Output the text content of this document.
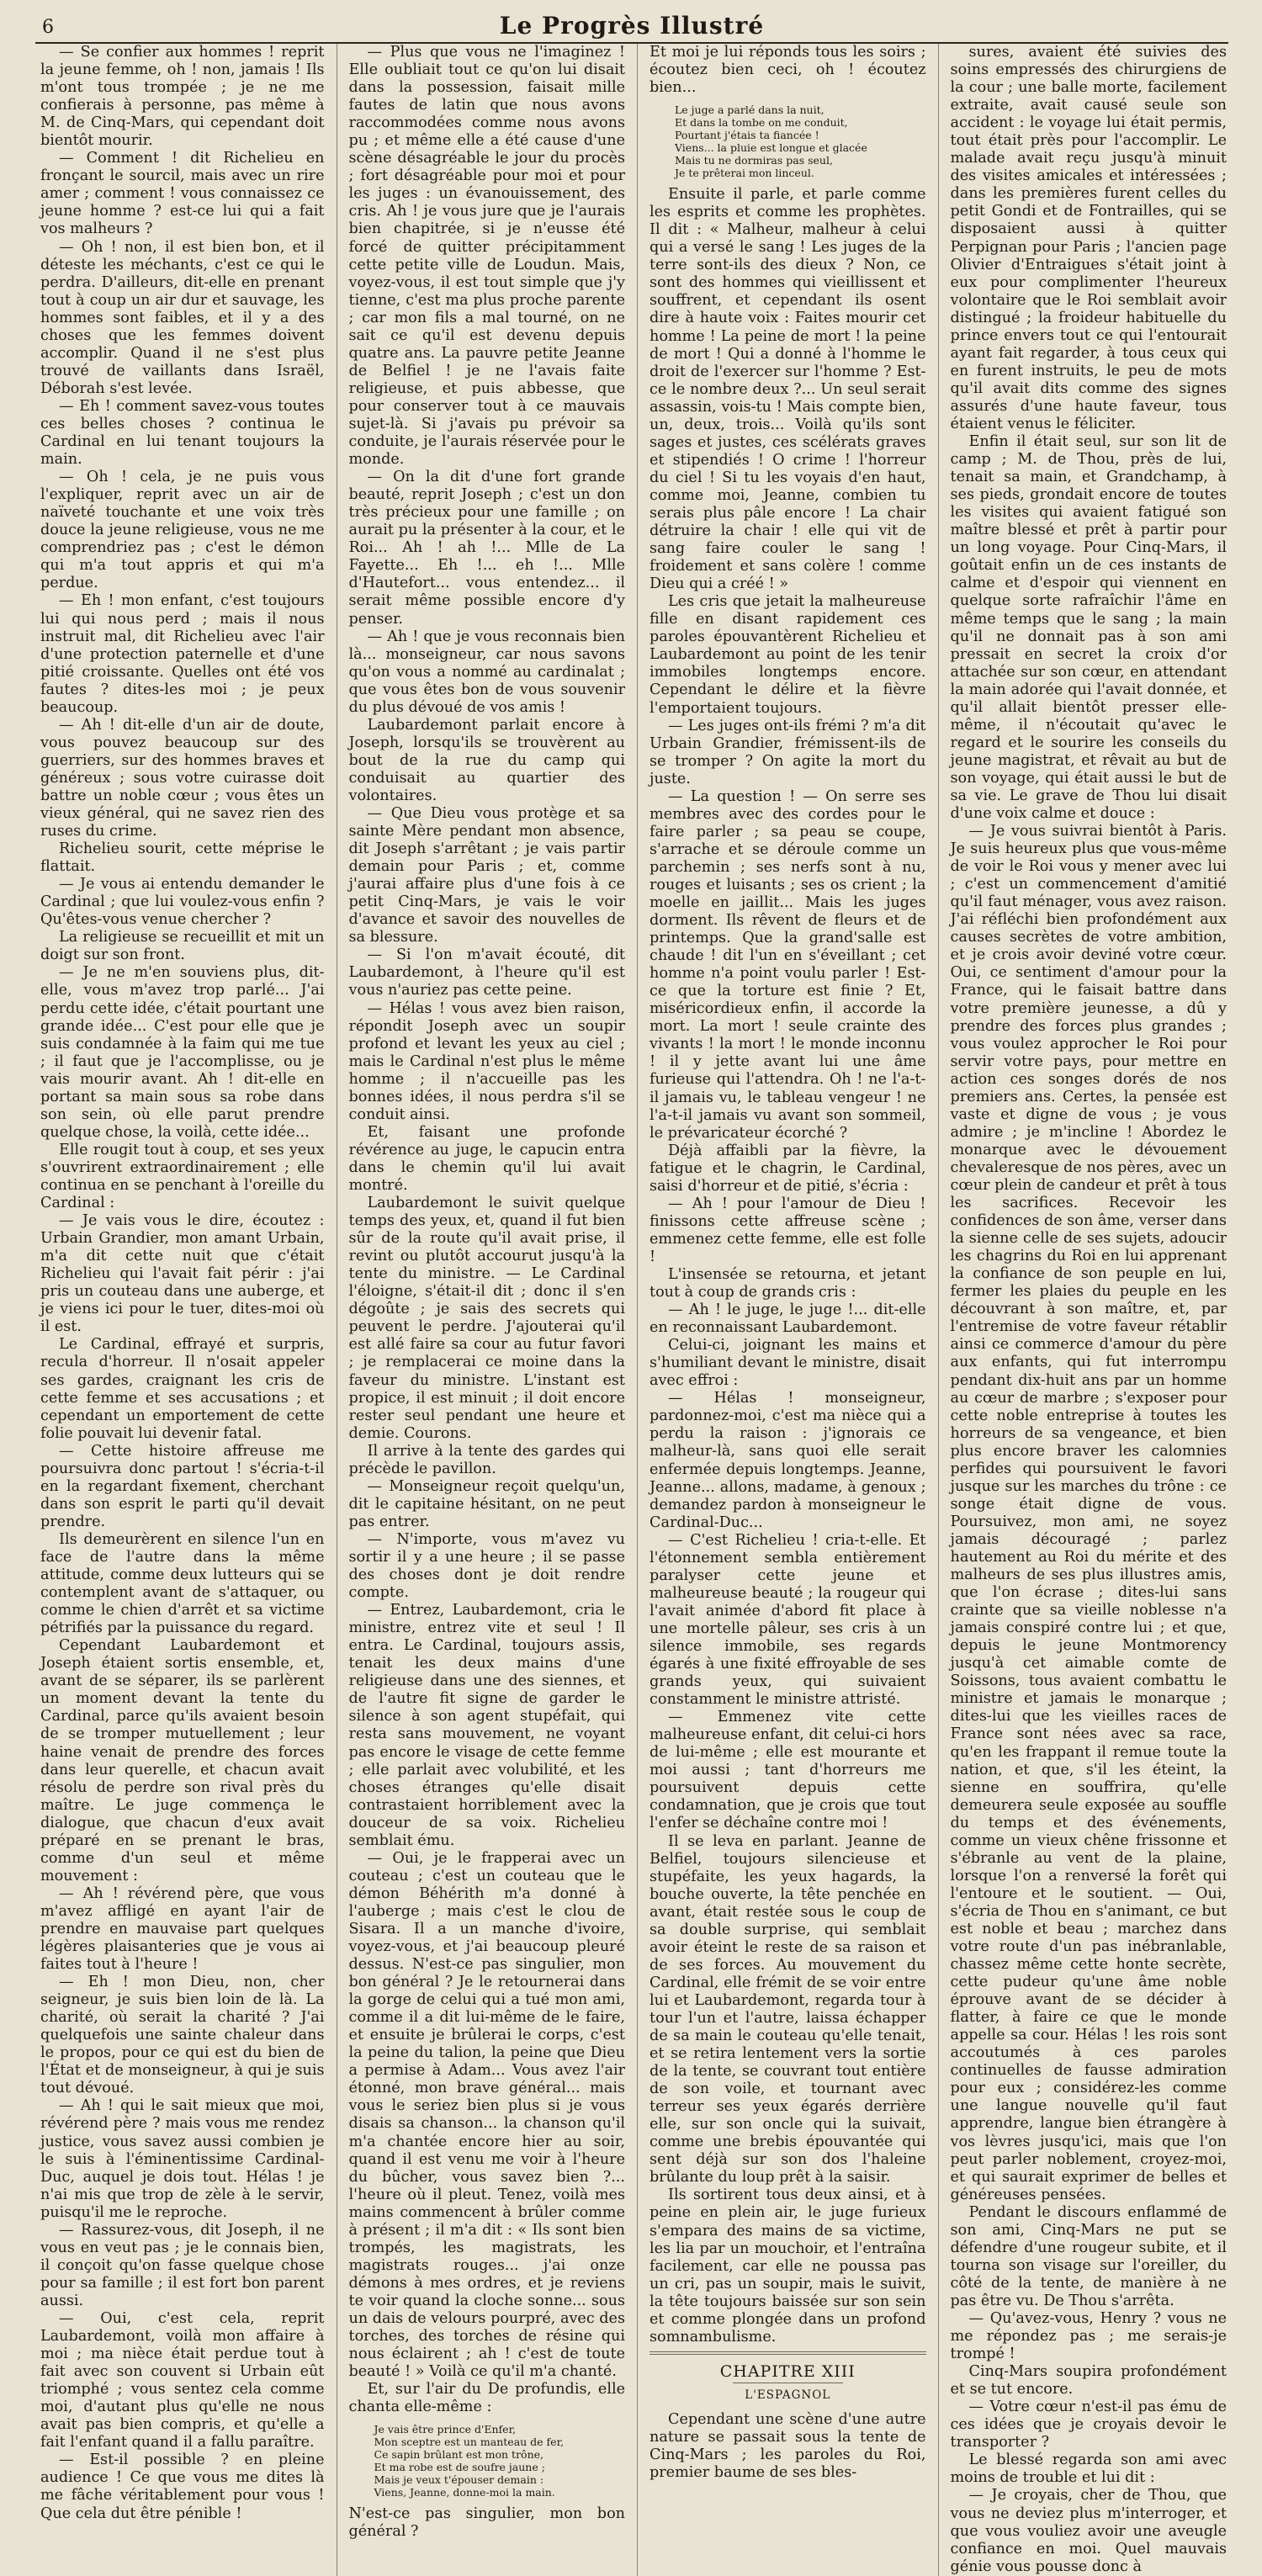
6	Le Progrès Illustré

— Se confier aux hommes ! reprit la jeune femme, oh ! non, jamais ! Ils m'ont tous trompée ; je ne me confierais à personne, pas même à M. de Cinq-Mars, qui cependant doit bientôt mourir.

— Comment ! dit Richelieu en fronçant le sourcil, mais avec un rire amer ; comment ! vous connaissez ce jeune homme ? est-ce lui qui a fait vos malheurs ?

— Oh ! non, il est bien bon, et il déteste les méchants, c'est ce qui le perdra. D'ailleurs, dit-elle en prenant tout à coup un air dur et sauvage, les hommes sont faibles, et il y a des choses que les femmes doivent accomplir. Quand il ne s'est plus trouvé de vaillants dans Israël, Déborah s'est levée.

— Eh ! comment savez-vous toutes ces belles choses ? continua le Cardinal en lui tenant toujours la main.

— Oh ! cela, je ne puis vous l'expliquer, reprit avec un air de naïveté touchante et une voix très douce la jeune religieuse, vous ne me comprendriez pas ; c'est le démon qui m'a tout appris et qui m'a perdue.

— Eh ! mon enfant, c'est toujours lui qui nous perd ; mais il nous instruit mal, dit Richelieu avec l'air d'une protection paternelle et d'une pitié croissante. Quelles ont été vos fautes ? dites-les moi ; je peux beaucoup.

— Ah ! dit-elle d'un air de doute, vous pouvez beaucoup sur des guerriers, sur des hommes braves et généreux ; sous votre cuirasse doit battre un noble cœur ; vous êtes un vieux général, qui ne savez rien des ruses du crime.

Richelieu sourit, cette méprise le flattait.

— Je vous ai entendu demander le Cardinal ; que lui voulez-vous enfin ? Qu'êtes-vous venue chercher ?

La religieuse se recueillit et mit un doigt sur son front.

— Je ne m'en souviens plus, dit-elle, vous m'avez trop parlé... J'ai perdu cette idée, c'était pourtant une grande idée... C'est pour elle que je suis condamnée à la faim qui me tue ; il faut que je l'accomplisse, ou je vais mourir avant. Ah ! dit-elle en portant sa main sous sa robe dans son sein, où elle parut prendre quelque chose, la voilà, cette idée...

Elle rougit tout à coup, et ses yeux s'ouvrirent extraordinairement ; elle continua en se penchant à l'oreille du Cardinal :

— Je vais vous le dire, écoutez : Urbain Grandier, mon amant Urbain, m'a dit cette nuit que c'était Richelieu qui l'avait fait périr : j'ai pris un couteau dans une auberge, et je viens ici pour le tuer, dites-moi où il est.

Le Cardinal, effrayé et surpris, recula d'horreur. Il n'osait appeler ses gardes, craignant les cris de cette femme et ses accusations ; et cependant un emportement de cette folie pouvait lui devenir fatal.

— Cette histoire affreuse me poursuivra donc partout ! s'écria-t-il en la regardant fixement, cherchant dans son esprit le parti qu'il devait prendre.

Ils demeurèrent en silence l'un en face de l'autre dans la même attitude, comme deux lutteurs qui se contemplent avant de s'attaquer, ou comme le chien d'arrêt et sa victime pétrifiés par la puissance du regard.

Cependant Laubardemont et Joseph étaient sortis ensemble, et, avant de se séparer, ils se parlèrent un moment devant la tente du Cardinal, parce qu'ils avaient besoin de se tromper mutuellement ; leur haine venait de prendre des forces dans leur querelle, et chacun avait résolu de perdre son rival près du maître. Le juge commença le dialogue, que chacun d'eux avait préparé en se prenant le bras, comme d'un seul et même mouvement :

— Ah ! révérend père, que vous m'avez affligé en ayant l'air de prendre en mauvaise part quelques légères plaisanteries que je vous ai faites tout à l'heure !

— Eh ! mon Dieu, non, cher seigneur, je suis bien loin de là. La charité, où serait la charité ? J'ai quelquefois une sainte chaleur dans le propos, pour ce qui est du bien de l'État et de monseigneur, à qui je suis tout dévoué.

— Ah ! qui le sait mieux que moi, révérend père ? mais vous me rendez justice, vous savez aussi combien je le suis à l'éminentissime Cardinal-Duc, auquel je dois tout. Hélas ! je n'ai mis que trop de zèle à le servir, puisqu'il me le reproche.

— Rassurez-vous, dit Joseph, il ne vous en veut pas ; je le connais bien, il conçoit qu'on fasse quelque chose pour sa famille ; il est fort bon parent aussi.

— Oui, c'est cela, reprit Laubardemont, voilà mon affaire à moi ; ma nièce était perdue tout à fait avec son couvent si Urbain eût triomphé ; vous sentez cela comme moi, d'autant plus qu'elle ne nous avait pas bien compris, et qu'elle a fait l'enfant quand il a fallu paraître.

— Est-il possible ? en pleine audience ! Ce que vous me dites là me fâche véritablement pour vous ! Que cela dut être pénible !

— Plus que vous ne l'imaginez ! Elle oubliait tout ce qu'on lui disait dans la possession, faisait mille fautes de latin que nous avons raccommodées comme nous avons pu ; et même elle a été cause d'une scène désagréable le jour du procès ; fort désagréable pour moi et pour les juges : un évanouissement, des cris. Ah ! je vous jure que je l'aurais bien chapitrée, si je n'eusse été forcé de quitter précipitamment cette petite ville de Loudun. Mais, voyez-vous, il est tout simple que j'y tienne, c'est ma plus proche parente ; car mon fils a mal tourné, on ne sait ce qu'il est devenu depuis quatre ans. La pauvre petite Jeanne de Belfiel ! je ne l'avais faite religieuse, et puis abbesse, que pour conserver tout à ce mauvais sujet-là. Si j'avais pu prévoir sa conduite, je l'aurais réservée pour le monde.

— On la dit d'une fort grande beauté, reprit Joseph ; c'est un don très précieux pour une famille ; on aurait pu la présenter à la cour, et le Roi... Ah ! ah !... Mlle de La Fayette... Eh !... eh !... Mlle d'Hautefort... vous entendez... il serait même possible encore d'y penser.

— Ah ! que je vous reconnais bien là... monseigneur, car nous savons qu'on vous a nommé au cardinalat ; que vous êtes bon de vous souvenir du plus dévoué de vos amis !

Laubardemont parlait encore à Joseph, lorsqu'ils se trouvèrent au bout de la rue du camp qui conduisait au quartier des volontaires.

— Que Dieu vous protège et sa sainte Mère pendant mon absence, dit Joseph s'arrêtant ; je vais partir demain pour Paris ; et, comme j'aurai affaire plus d'une fois à ce petit Cinq-Mars, je vais le voir d'avance et savoir des nouvelles de sa blessure.

— Si l'on m'avait écouté, dit Laubardemont, à l'heure qu'il est vous n'auriez pas cette peine.

— Hélas ! vous avez bien raison, répondit Joseph avec un soupir profond et levant les yeux au ciel ; mais le Cardinal n'est plus le même homme ; il n'accueille pas les bonnes idées, il nous perdra s'il se conduit ainsi.

Et, faisant une profonde révérence au juge, le capucin entra dans le chemin qu'il lui avait montré.

Laubardemont le suivit quelque temps des yeux, et, quand il fut bien sûr de la route qu'il avait prise, il revint ou plutôt accourut jusqu'à la tente du ministre. — Le Cardinal l'éloigne, s'était-il dit ; donc il s'en dégoûte ; je sais des secrets qui peuvent le perdre. J'ajouterai qu'il est allé faire sa cour au futur favori ; je remplacerai ce moine dans la faveur du ministre. L'instant est propice, il est minuit ; il doit encore rester seul pendant une heure et demie. Courons.

Il arrive à la tente des gardes qui précède le pavillon.

— Monseigneur reçoit quelqu'un, dit le capitaine hésitant, on ne peut pas entrer.

— N'importe, vous m'avez vu sortir il y a une heure ; il se passe des choses dont je doit rendre compte.

— Entrez, Laubardemont, cria le ministre, entrez vite et seul ! Il entra. Le Cardinal, toujours assis, tenait les deux mains d'une religieuse dans une des siennes, et de l'autre fit signe de garder le silence à son agent stupéfait, qui resta sans mouvement, ne voyant pas encore le visage de cette femme ; elle parlait avec volubilité, et les choses étranges qu'elle disait contrastaient horriblement avec la douceur de sa voix. Richelieu semblait ému.

— Oui, je le frapperai avec un couteau ; c'est un couteau que le démon Béhérith m'a donné à l'auberge ; mais c'est le clou de Sisara. Il a un manche d'ivoire, voyez-vous, et j'ai beaucoup pleuré dessus. N'est-ce pas singulier, mon bon général ? Je le retournerai dans la gorge de celui qui a tué mon ami, comme il a dit lui-même de le faire, et ensuite je brûlerai le corps, c'est la peine du talion, la peine que Dieu a permise à Adam... Vous avez l'air étonné, mon brave général... mais vous le seriez bien plus si je vous disais sa chanson... la chanson qu'il m'a chantée encore hier au soir, quand il est venu me voir à l'heure du bûcher, vous savez bien ?... l'heure où il pleut. Tenez, voilà mes mains commencent à brûler comme à présent ; il m'a dit : « Ils sont bien trompés, les magistrats, les magistrats rouges... j'ai onze démons à mes ordres, et je reviens te voir quand la cloche sonne... sous un dais de velours pourpré, avec des torches, des torches de résine qui nous éclairent ; ah ! c'est de toute beauté ! » Voilà ce qu'il m'a chanté.

Et, sur l'air du De profundis, elle chanta elle-même :

Je vais être prince d'Enfer,
Mon sceptre est un manteau de fer,
Ce sapin brûlant est mon trône,
Et ma robe est de soufre jaune ;
Mais je veux t'épouser demain :
Viens, Jeanne, donne-moi la main.

N'est-ce pas singulier, mon bon général ?

Et moi je lui réponds tous les soirs ; écoutez bien ceci, oh ! écoutez bien...

Le juge a parlé dans la nuit,
Et dans la tombe on me conduit,
Pourtant j'étais ta fiancée !
Viens... la pluie est longue et glacée
Mais tu ne dormiras pas seul,
Je te prêterai mon linceul.

Ensuite il parle, et parle comme les esprits et comme les prophètes. Il dit : « Malheur, malheur à celui qui a versé le sang ! Les juges de la terre sont-ils des dieux ? Non, ce sont des hommes qui vieillissent et souffrent, et cependant ils osent dire à haute voix : Faites mourir cet homme ! La peine de mort ! la peine de mort ! Qui a donné à l'homme le droit de l'exercer sur l'homme ? Est-ce le nombre deux ?... Un seul serait assassin, vois-tu ! Mais compte bien, un, deux, trois... Voilà qu'ils sont sages et justes, ces scélérats graves et stipendiés ! O crime ! l'horreur du ciel ! Si tu les voyais d'en haut, comme moi, Jeanne, combien tu serais plus pâle encore ! La chair détruire la chair ! elle qui vit de sang faire couler le sang ! froidement et sans colère ! comme Dieu qui a créé ! »

Les cris que jetait la malheureuse fille en disant rapidement ces paroles épouvantèrent Richelieu et Laubardemont au point de les tenir immobiles longtemps encore. Cependant le délire et la fièvre l'emportaient toujours.

— Les juges ont-ils frémi ? m'a dit Urbain Grandier, frémissent-ils de se tromper ? On agite la mort du juste.

— La question ! — On serre ses membres avec des cordes pour le faire parler ; sa peau se coupe, s'arrache et se déroule comme un parchemin ; ses nerfs sont à nu, rouges et luisants ; ses os crient ; la moelle en jaillit... Mais les juges dorment. Ils rêvent de fleurs et de printemps. Que la grand'salle est chaude ! dit l'un en s'éveillant ; cet homme n'a point voulu parler ! Est-ce que la torture est finie ? Et, miséricordieux enfin, il accorde la mort. La mort ! seule crainte des vivants ! la mort ! le monde inconnu ! il y jette avant lui une âme furieuse qui l'attendra. Oh ! ne l'a-t-il jamais vu, le tableau vengeur ! ne l'a-t-il jamais vu avant son sommeil, le prévaricateur écorché ?

Déjà affaibli par la fièvre, la fatigue et le chagrin, le Cardinal, saisi d'horreur et de pitié, s'écria :

— Ah ! pour l'amour de Dieu ! finissons cette affreuse scène ; emmenez cette femme, elle est folle !

L'insensée se retourna, et jetant tout à coup de grands cris :

— Ah ! le juge, le juge !... dit-elle en reconnaissant Laubardemont.

Celui-ci, joignant les mains et s'humiliant devant le ministre, disait avec effroi :

— Hélas ! monseigneur, pardonnez-moi, c'est ma nièce qui a perdu la raison : j'ignorais ce malheur-là, sans quoi elle serait enfermée depuis longtemps. Jeanne, Jeanne... allons, madame, à genoux ; demandez pardon à monseigneur le Cardinal-Duc...

— C'est Richelieu ! cria-t-elle. Et l'étonnement sembla entièrement paralyser cette jeune et malheureuse beauté ; la rougeur qui l'avait animée d'abord fit place à une mortelle pâleur, ses cris à un silence immobile, ses regards égarés à une fixité effroyable de ses grands yeux, qui suivaient constamment le ministre attristé.

— Emmenez vite cette malheureuse enfant, dit celui-ci hors de lui-même ; elle est mourante et moi aussi ; tant d'horreurs me poursuivent depuis cette condamnation, que je crois que tout l'enfer se déchaîne contre moi !

Il se leva en parlant. Jeanne de Belfiel, toujours silencieuse et stupéfaite, les yeux hagards, la bouche ouverte, la tête penchée en avant, était restée sous le coup de sa double surprise, qui semblait avoir éteint le reste de sa raison et de ses forces. Au mouvement du Cardinal, elle frémit de se voir entre lui et Laubardemont, regarda tour à tour l'un et l'autre, laissa échapper de sa main le couteau qu'elle tenait, et se retira lentement vers la sortie de la tente, se couvrant tout entière de son voile, et tournant avec terreur ses yeux égarés derrière elle, sur son oncle qui la suivait, comme une brebis épouvantée qui sent déjà sur son dos l'haleine brûlante du loup prêt à la saisir.

Ils sortirent tous deux ainsi, et à peine en plein air, le juge furieux s'empara des mains de sa victime, les lia par un mouchoir, et l'entraîna facilement, car elle ne poussa pas un cri, pas un soupir, mais le suivit, la tête toujours baissée sur son sein et comme plongée dans un profond somnambulisme.

CHAPITRE XIII
L'ESPAGNOL

Cependant une scène d'une autre nature se passait sous la tente de Cinq-Mars ; les paroles du Roi, premier baume de ses bles-

sures, avaient été suivies des soins empressés des chirurgiens de la cour ; une balle morte, facilement extraite, avait causé seule son accident : le voyage lui était permis, tout était près pour l'accomplir. Le malade avait reçu jusqu'à minuit des visites amicales et intéressées ; dans les premières furent celles du petit Gondi et de Fontrailles, qui se disposaient aussi à quitter Perpignan pour Paris ; l'ancien page Olivier d'Entraigues s'était joint à eux pour complimenter l'heureux volontaire que le Roi semblait avoir distingué ; la froideur habituelle du prince envers tout ce qui l'entourait ayant fait regarder, à tous ceux qui en furent instruits, le peu de mots qu'il avait dits comme des signes assurés d'une haute faveur, tous étaient venus le féliciter.

Enfin il était seul, sur son lit de camp ; M. de Thou, près de lui, tenait sa main, et Grandchamp, à ses pieds, grondait encore de toutes les visites qui avaient fatigué son maître blessé et prêt à partir pour un long voyage. Pour Cinq-Mars, il goûtait enfin un de ces instants de calme et d'espoir qui viennent en quelque sorte rafraîchir l'âme en même temps que le sang ; la main qu'il ne donnait pas à son ami pressait en secret la croix d'or attachée sur son cœur, en attendant la main adorée qui l'avait donnée, et qu'il allait bientôt presser elle-même, il n'écoutait qu'avec le regard et le sourire les conseils du jeune magistrat, et rêvait au but de son voyage, qui était aussi le but de sa vie. Le grave de Thou lui disait d'une voix calme et douce :

— Je vous suivrai bientôt à Paris. Je suis heureux plus que vous-même de voir le Roi vous y mener avec lui ; c'est un commencement d'amitié qu'il faut ménager, vous avez raison. J'ai réfléchi bien profondément aux causes secrètes de votre ambition, et je crois avoir deviné votre cœur. Oui, ce sentiment d'amour pour la France, qui le faisait battre dans votre première jeunesse, a dû y prendre des forces plus grandes ; vous voulez approcher le Roi pour servir votre pays, pour mettre en action ces songes dorés de nos premiers ans. Certes, la pensée est vaste et digne de vous ; je vous admire ; je m'incline ! Abordez le monarque avec le dévouement chevaleresque de nos pères, avec un cœur plein de candeur et prêt à tous les sacrifices. Recevoir les confidences de son âme, verser dans la sienne celle de ses sujets, adoucir les chagrins du Roi en lui apprenant la confiance de son peuple en lui, fermer les plaies du peuple en les découvrant à son maître, et, par l'entremise de votre faveur rétablir ainsi ce commerce d'amour du père aux enfants, qui fut interrompu pendant dix-huit ans par un homme au cœur de marbre ; s'exposer pour cette noble entreprise à toutes les horreurs de sa vengeance, et bien plus encore braver les calomnies perfides qui poursuivent le favori jusque sur les marches du trône : ce songe était digne de vous. Poursuivez, mon ami, ne soyez jamais découragé ; parlez hautement au Roi du mérite et des malheurs de ses plus illustres amis, que l'on écrase ; dites-lui sans crainte que sa vieille noblesse n'a jamais conspiré contre lui ; et que, depuis le jeune Montmorency jusqu'à cet aimable comte de Soissons, tous avaient combattu le ministre et jamais le monarque ; dites-lui que les vieilles races de France sont nées avec sa race, qu'en les frappant il remue toute la nation, et que, s'il les éteint, la sienne en souffrira, qu'elle demeurera seule exposée au souffle du temps et des événements, comme un vieux chêne frissonne et s'ébranle au vent de la plaine, lorsque l'on a renversé la forêt qui l'entoure et le soutient. — Oui, s'écria de Thou en s'animant, ce but est noble et beau ; marchez dans votre route d'un pas inébranlable, chassez même cette honte secrète, cette pudeur qu'une âme noble éprouve avant de se décider à flatter, à faire ce que le monde appelle sa cour. Hélas ! les rois sont accoutumés à ces paroles continuelles de fausse admiration pour eux ; considérez-les comme une langue nouvelle qu'il faut apprendre, langue bien étrangère à vos lèvres jusqu'ici, mais que l'on peut parler noblement, croyez-moi, et qui saurait exprimer de belles et généreuses pensées.

Pendant le discours enflammé de son ami, Cinq-Mars ne put se défendre d'une rougeur subite, et il tourna son visage sur l'oreiller, du côté de la tente, de manière à ne pas être vu. De Thou s'arrêta.

— Qu'avez-vous, Henry ? vous ne me répondez pas ; me serais-je trompé !

Cinq-Mars soupira profondément et se tut encore.

— Votre cœur n'est-il pas ému de ces idées que je croyais devoir le transporter ?

Le blessé regarda son ami avec moins de trouble et lui dit :

— Je croyais, cher de Thou, que vous ne deviez plus m'interroger, et que vous vouliez avoir une aveugle confiance en moi. Quel mauvais génie vous pousse donc à
